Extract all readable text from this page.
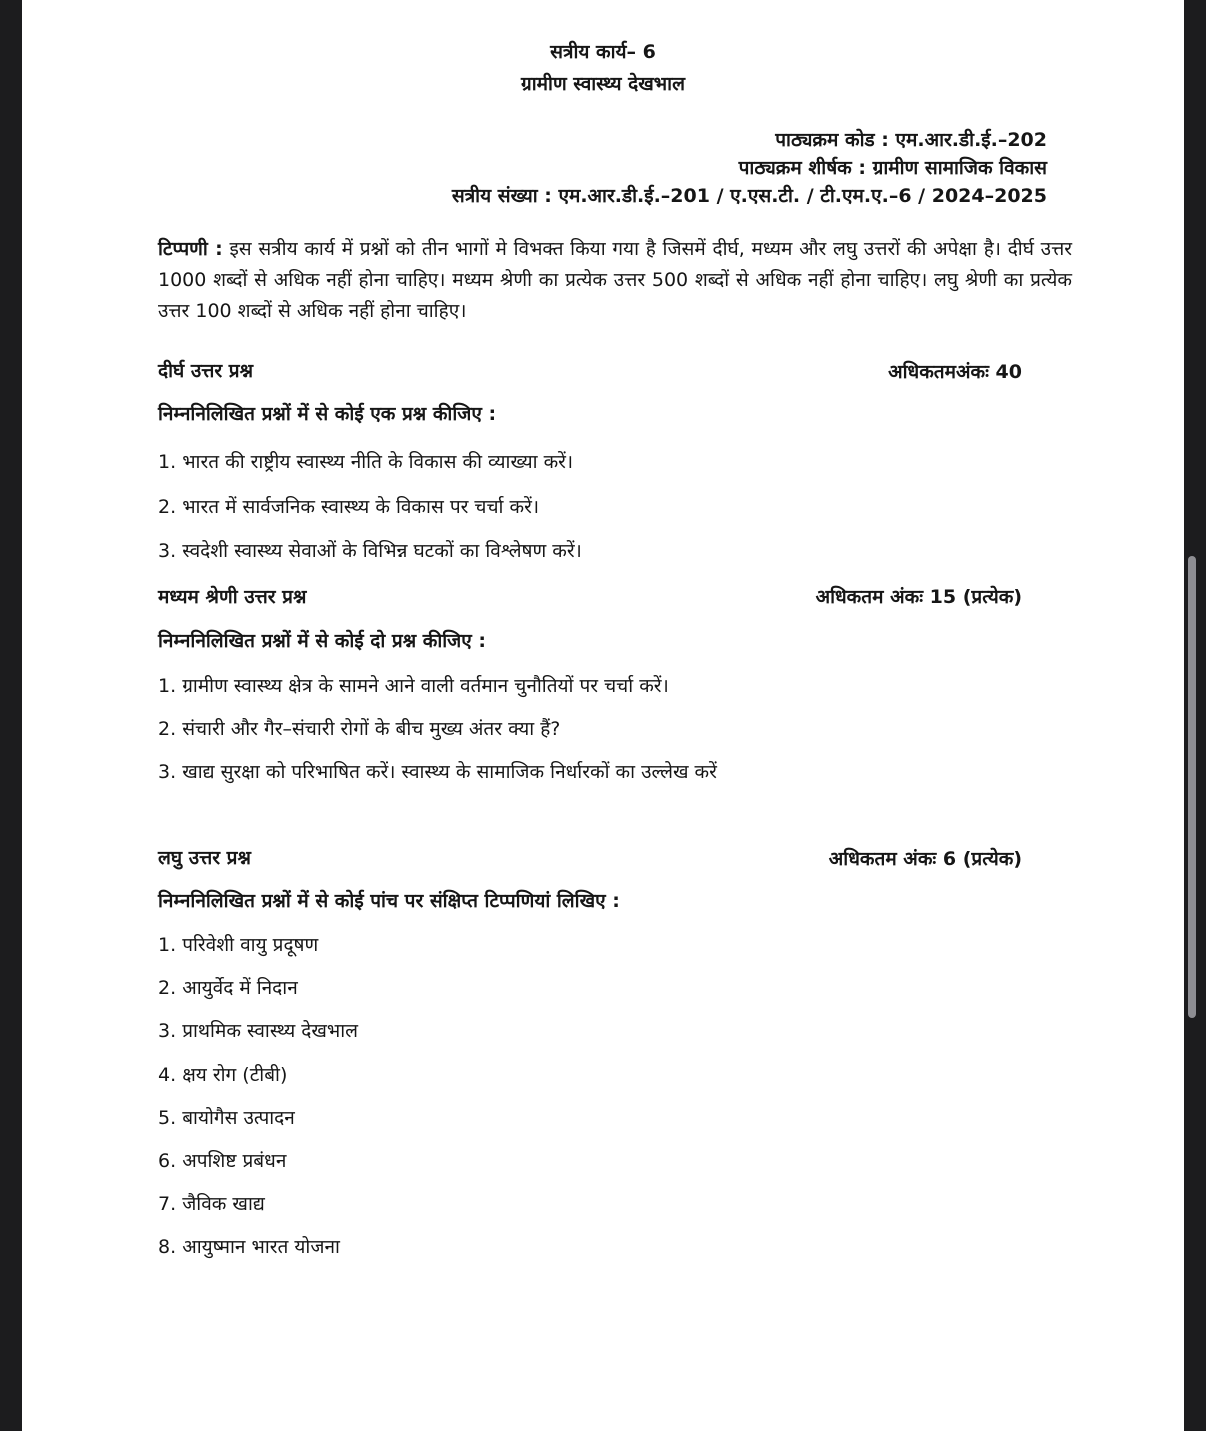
सत्रीय कार्य– 6
ग्रामीण स्वास्थ्य देखभाल
पाठ्यक्रम कोड : एम.आर.डी.ई.–202
पाठ्यक्रम शीर्षक : ग्रामीण सामाजिक विकास
सत्रीय संख्या : एम.आर.डी.ई.–201 / ए.एस.टी. / टी.एम.ए.–6 / 2024–2025
टिप्पणी : इस सत्रीय कार्य में प्रश्नों को तीन भागों मे विभक्त किया गया है जिसमें दीर्घ, मध्यम और लघु उत्तरों की अपेक्षा है। दीर्घ उत्तर 1000 शब्दों से अधिक नहीं होना चाहिए। मध्यम श्रेणी का प्रत्येक उत्तर 500 शब्दों से अधिक नहीं होना चाहिए। लघु श्रेणी का प्रत्येक उत्तर 100 शब्दों से अधिक नहीं होना चाहिए।
दीर्घ उत्तर प्रश्न	अधिकतमअंकः 40
निम्ननिलिखित प्रश्नों में से कोई एक प्रश्न कीजिए :
1. भारत की राष्ट्रीय स्वास्थ्य नीति के विकास की व्याख्या करें।
2. भारत में सार्वजनिक स्वास्थ्य के विकास पर चर्चा करें।
3. स्वदेशी स्वास्थ्य सेवाओं के विभिन्न घटकों का विश्लेषण करें।
मध्यम श्रेणी उत्तर प्रश्न	अधिकतम अंकः 15 (प्रत्येक)
निम्ननिलिखित प्रश्नों में से कोई दो प्रश्न कीजिए :
1. ग्रामीण स्वास्थ्य क्षेत्र के सामने आने वाली वर्तमान चुनौतियों पर चर्चा करें।
2. संचारी और गैर–संचारी रोगों के बीच मुख्य अंतर क्या हैं?
3. खाद्य सुरक्षा को परिभाषित करें। स्वास्थ्य के सामाजिक निर्धारकों का उल्लेख करें
लघु उत्तर प्रश्न	अधिकतम अंकः 6 (प्रत्येक)
निम्ननिलिखित प्रश्नों में से कोई पांच पर संक्षिप्त टिप्पणियां लिखिए :
1. परिवेशी वायु प्रदूषण
2. आयुर्वेद में निदान
3. प्राथमिक स्वास्थ्य देखभाल
4. क्षय रोग (टीबी)
5. बायोगैस उत्पादन
6. अपशिष्ट प्रबंधन
7. जैविक खाद्य
8. आयुष्मान भारत योजना
